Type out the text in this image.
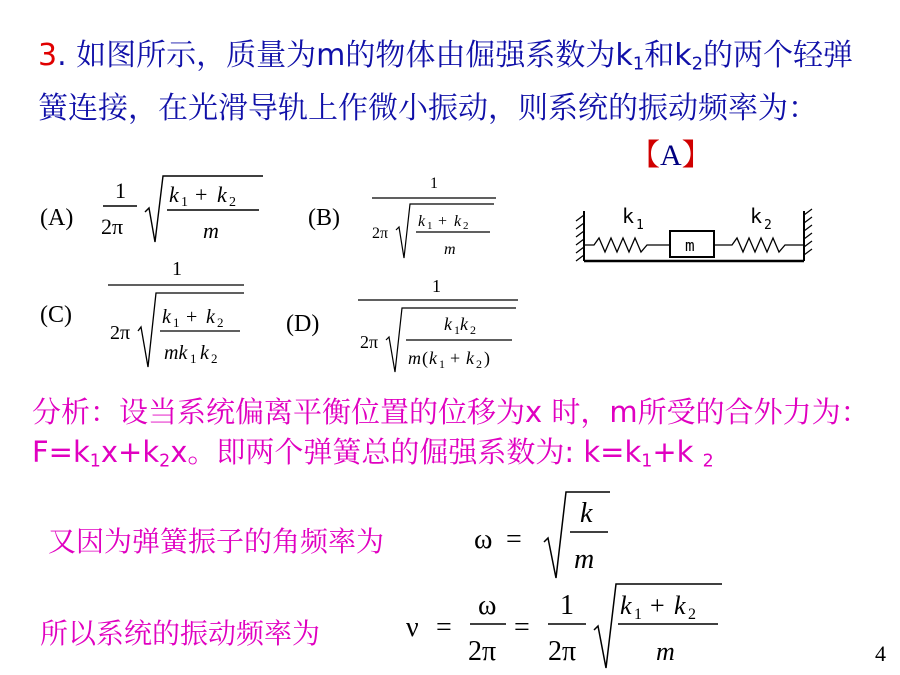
3. 如图所示，质量为m的物体由倔强系数为$k_1$和$k_2$的两个轻弹簧连接，在光滑导轨上作微小振动，则系统的振动频率为：
【A】
(A)	(B)
(C)	(D)
1
2π
k 1 + k 2
m
1
2π
k 1 + k 2
m
1
2π
k 1 + k 2
mk 1 k 2
1
2π
k 1 k 2
m ( k 1 + k 2 )
k 1	k 2
m
分析：设当系统偏离平衡位置的位移为x 时，m所受的合外力为：$F=k_1x+k_2x$。即两个弹簧总的倔强系数为: $k=k_1+k$ $_2$
又因为弹簧振子的角频率为	ω =
k
m
所以系统的振动频率为	ν =
ω
2π
=
1
2π
k 1 + k 2
m	4
